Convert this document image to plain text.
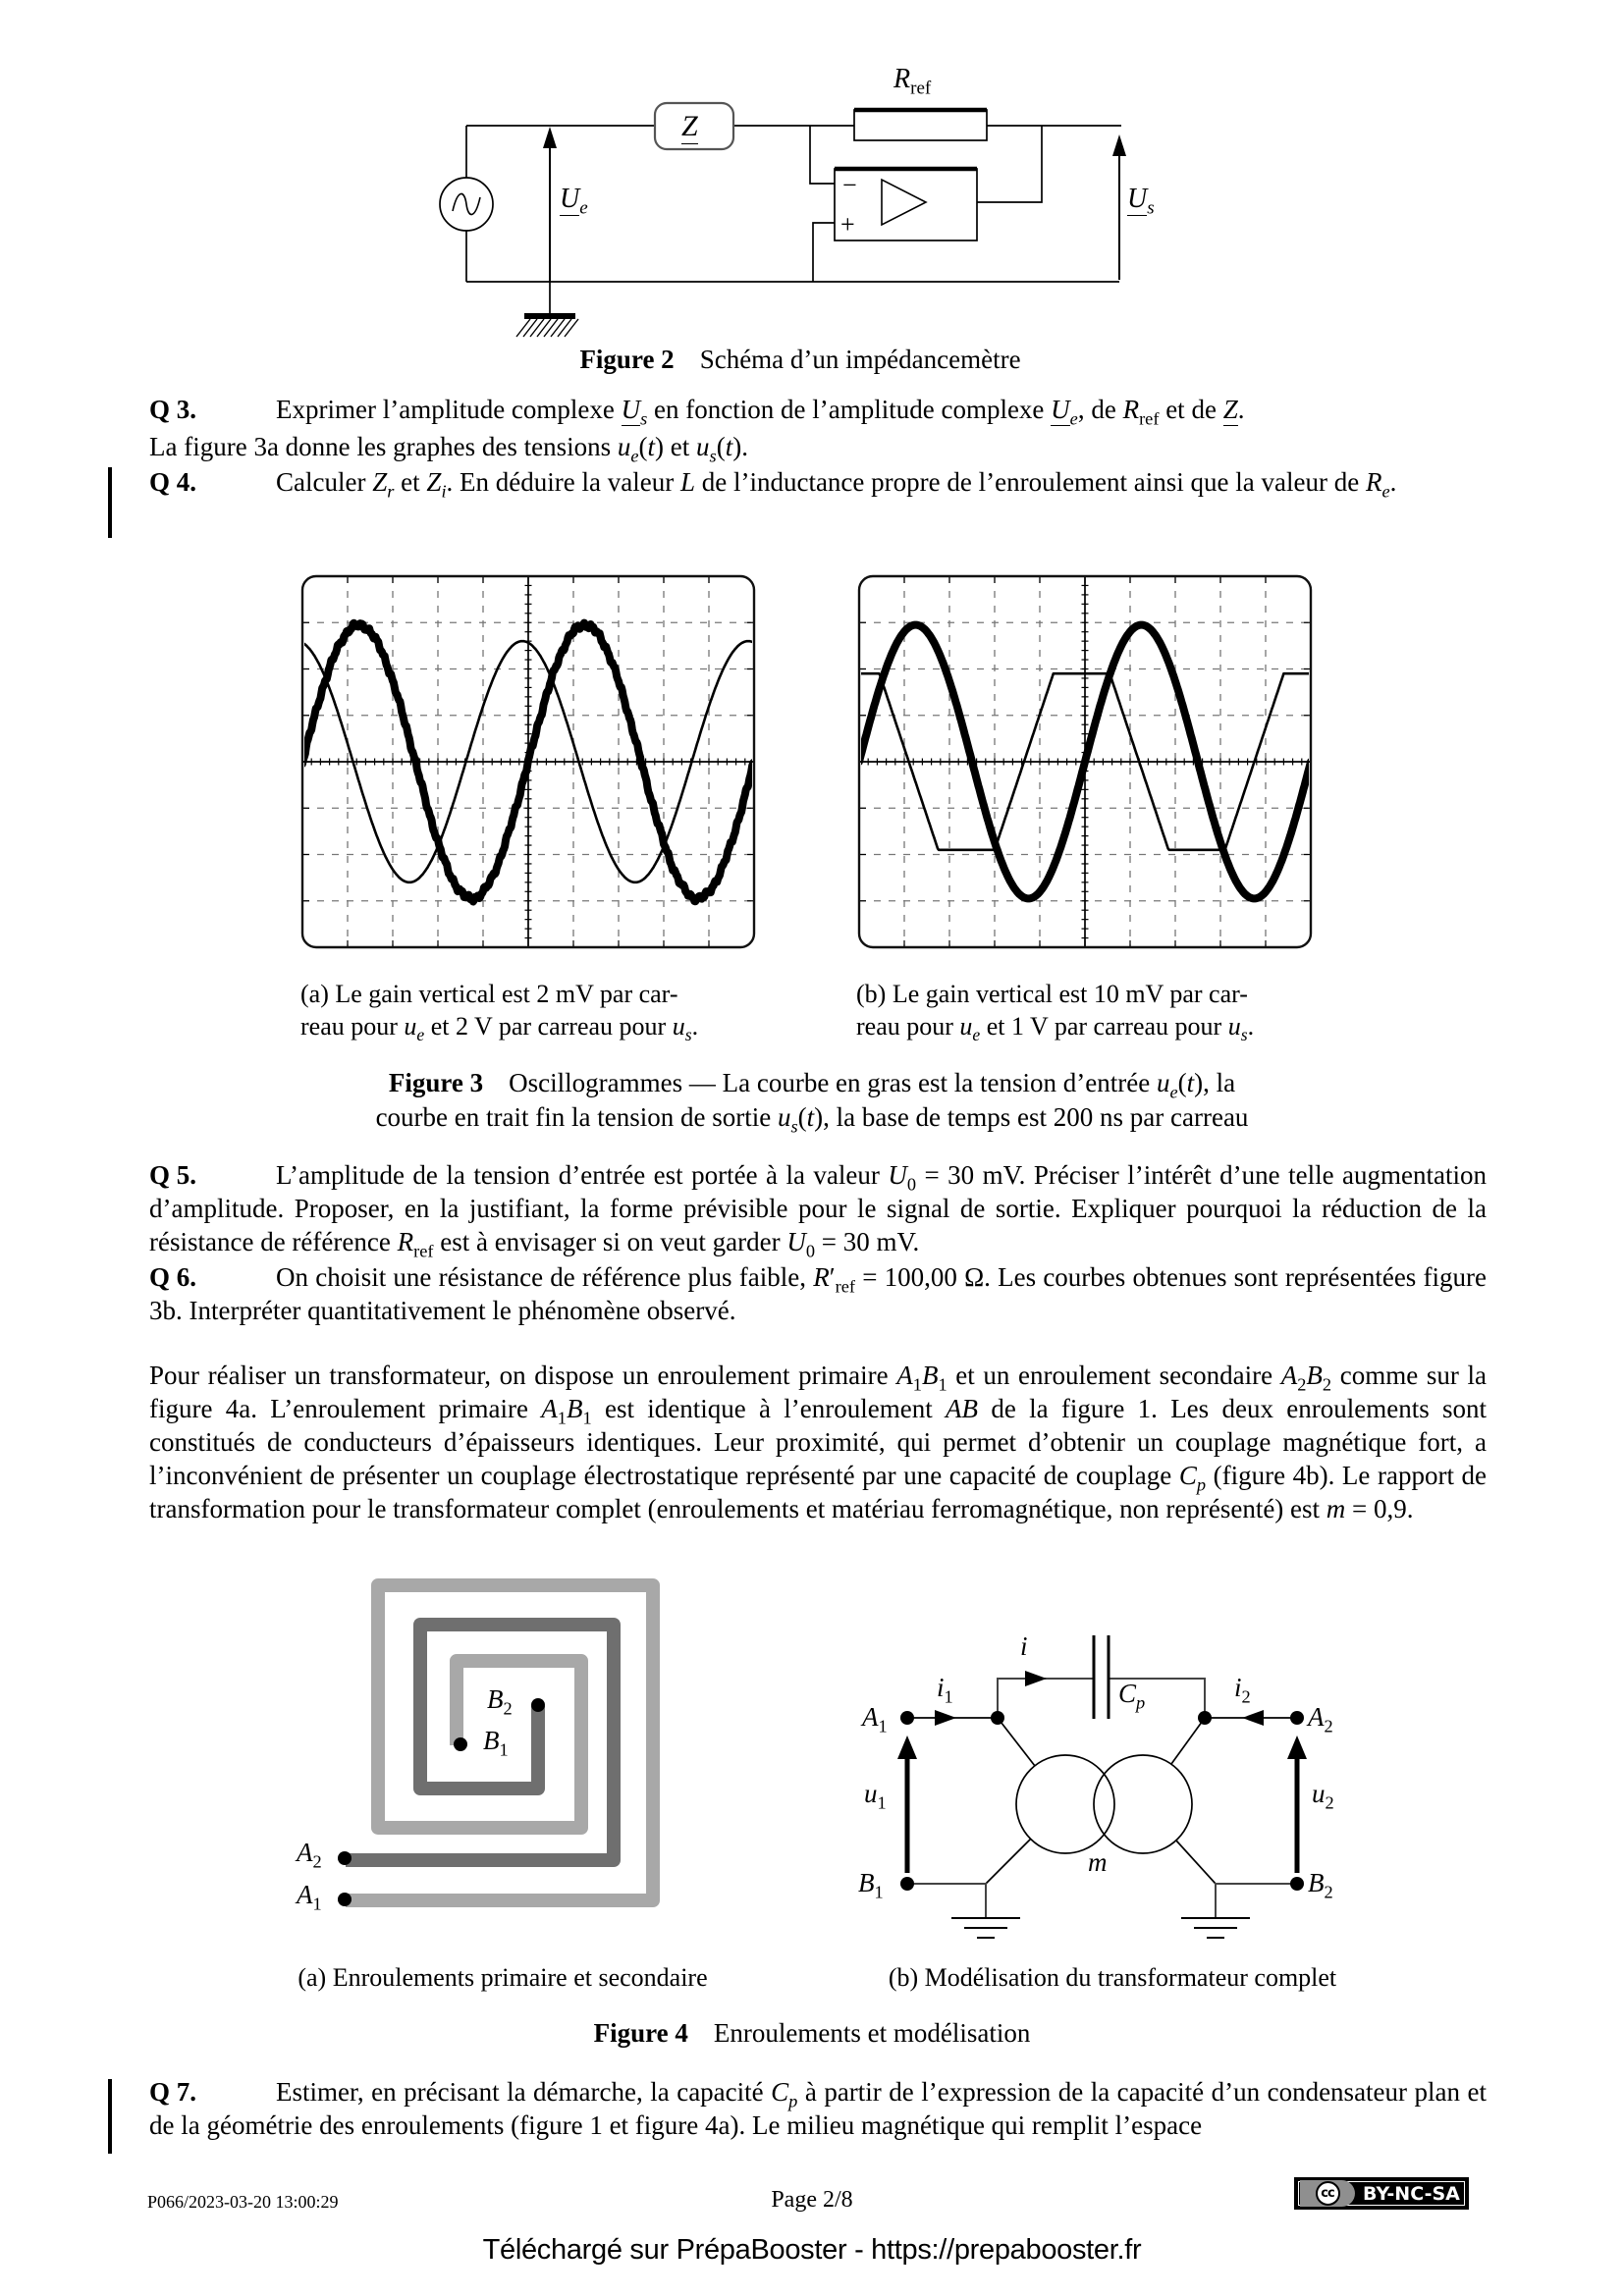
−
+
Z
$R_{ref}$
$U_e$	$U_s$
Figure 2 Schéma d’un impédancemètre
Q 3.	Exprimer l’amplitude complexe $U_s$ en fonction de l’amplitude complexe $U_e$, de $R_{ref}$ et de Z.
La figure 3a donne les graphes des tensions $u_e(t)$ et $u_s(t)$.
Q 4.	Calculer $Z_r$ et $Z_i$. En déduire la valeur L de l’inductance propre de l’enroulement ainsi que la valeur de $R_e$.
(a) Le gain vertical est 2 mV par car-
reau pour $u_e$ et 2 V par carreau pour $u_s$.
(b) Le gain vertical est 10 mV par car-
reau pour $u_e$ et 1 V par carreau pour $u_s$.
Figure 3 Oscillogrammes — La courbe en gras est la tension d’entrée $u_e(t)$, la
courbe en trait fin la tension de sortie $u_s(t)$, la base de temps est 200 ns par carreau
Q 5.	L’amplitude de la tension d’entrée est portée à la valeur $U_0 = 30$ mV. Préciser l’intérêt d’une telle augmentation d’amplitude. Proposer, en la justifiant, la forme prévisible pour le signal de sortie. Expliquer pourquoi la réduction de la résistance de référence $R_{ref}$ est à envisager si on veut garder $U_0 = 30$ mV.
Q 6.	On choisit une résistance de référence plus faible, $R'_{ref} = 100,00$ Ω. Les courbes obtenues sont représentées figure 3b. Interpréter quantitativement le phénomène observé.
Pour réaliser un transformateur, on dispose un enroulement primaire $A_1B_1$ et un enroulement secondaire $A_2B_2$ comme sur la figure 4a. L’enroulement primaire $A_1B_1$ est identique à l’enroulement AB de la figure 1. Les deux enroulements sont constitués de conducteurs d’épaisseurs identiques. Leur proximité, qui permet d’obtenir un couplage magnétique fort, a l’inconvénient de présenter un couplage électrostatique représenté par une capacité de couplage $C_p$ (figure 4b). Le rapport de transformation pour le transformateur complet (enroulements et matériau ferromagnétique, non représenté) est m = 0,9.
$B_2$
$B_1$
$A_2$
$A_1$
$A_1$
$i_1$
i
$C_p$
$i_2$
$A_2$
$u_1$	$u_2$
$B_1$	$B_2$
m
(a) Enroulements primaire et secondaire	(b) Modélisation du transformateur complet
Figure 4 Enroulements et modélisation
Q 7.	Estimer, en précisant la démarche, la capacité $C_p$ à partir de l’expression de la capacité d’un condensateur plan et de la géométrie des enroulements (figure 1 et figure 4a). Le milieu magnétique qui remplit l’espace
P066/2023-03-20 13:00:29	Page 2/8	cc BY-NC-SA
Téléchargé sur PrépaBooster - https://prepabooster.fr
